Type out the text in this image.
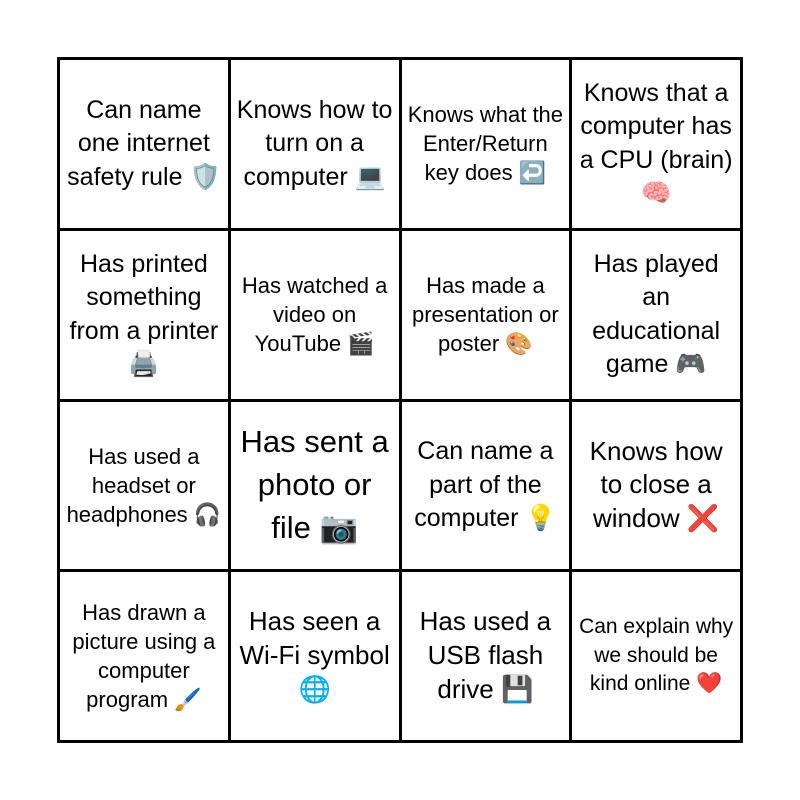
Can name one internet safety rule 🛡️
Knows how to turn on a computer 💻
Knows what the Enter/Return key does ↩️
Knows that a computer has a CPU (brain) 🧠
Has printed something from a printer 🖨️
Has watched a video on YouTube 🎬
Has made a presentation or poster 🎨
Has played an educational game 🎮
Has used a headset or headphones 🎧
Has sent a photo or file 📷
Can name a part of the computer 💡
Knows how to close a window ❌
Has drawn a picture using a computer program 🖌️
Has seen a Wi-Fi symbol 🌐
Has used a USB flash drive 💾
Can explain why we should be kind online ❤️
